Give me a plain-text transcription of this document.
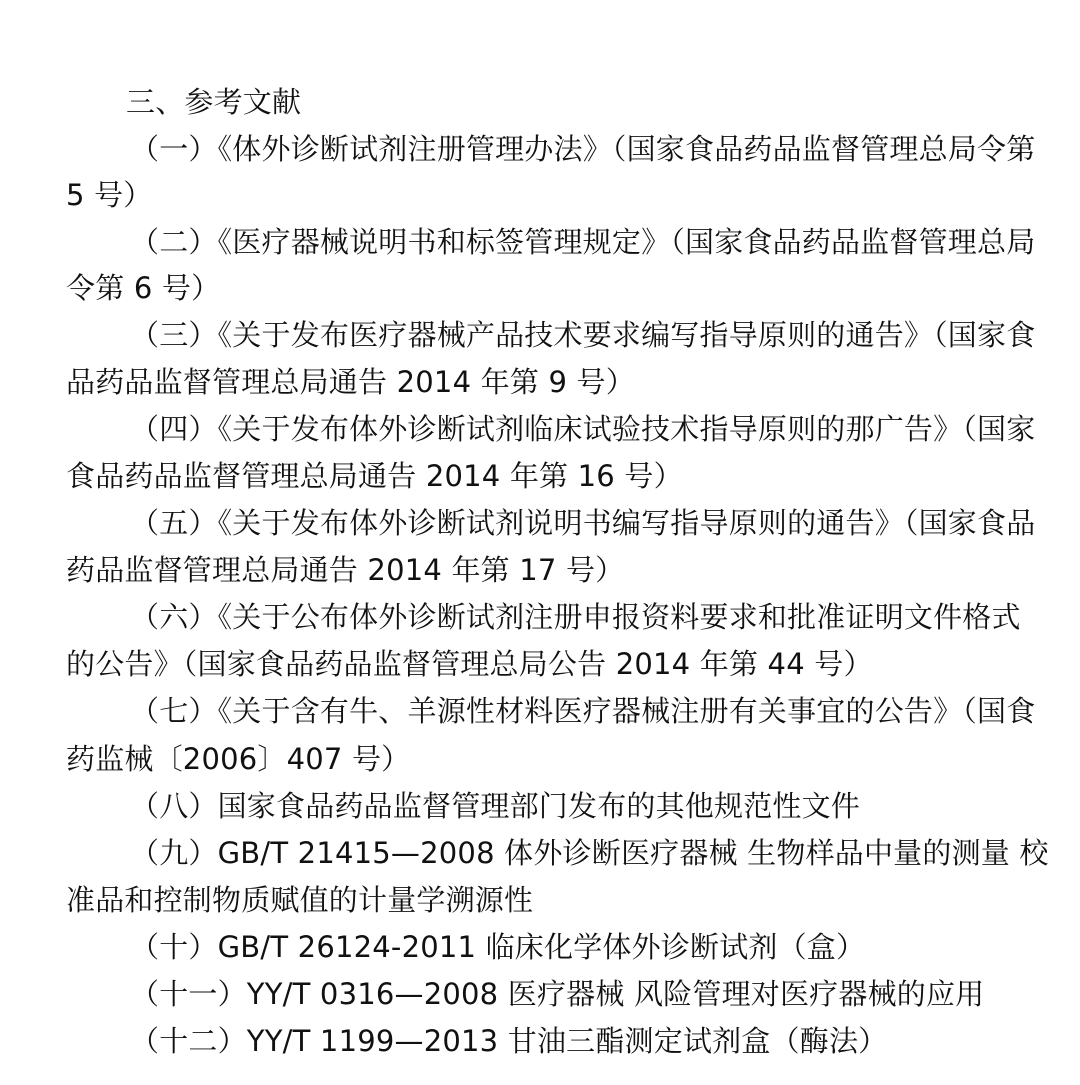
三、参考文献
（一）《体外诊断试剂注册管理办法》（国家食品药品监督管理总局令第
5 号）
（二）《医疗器械说明书和标签管理规定》（国家食品药品监督管理总局
令第 6 号）
（三）《关于发布医疗器械产品技术要求编写指导原则的通告》（国家食
品药品监督管理总局通告 2014 年第 9 号）
（四）《关于发布体外诊断试剂临床试验技术指导原则的那广告》（国家
食品药品监督管理总局通告 2014 年第 16 号）
（五）《关于发布体外诊断试剂说明书编写指导原则的通告》（国家食品
药品监督管理总局通告 2014 年第 17 号）
（六）《关于公布体外诊断试剂注册申报资料要求和批准证明文件格式
的公告》（国家食品药品监督管理总局公告 2014 年第 44 号）
（七）《关于含有牛、羊源性材料医疗器械注册有关事宜的公告》（国食
药监械〔2006〕407 号）
（八）国家食品药品监督管理部门发布的其他规范性文件
（九）GB/T 21415—2008 体外诊断医疗器械 生物样品中量的测量 校
准品和控制物质赋值的计量学溯源性
（十）GB/T 26124-2011 临床化学体外诊断试剂（盒）
（十一）YY/T 0316—2008 医疗器械 风险管理对医疗器械的应用
（十二）YY/T 1199—2013 甘油三酯测定试剂盒（酶法）
